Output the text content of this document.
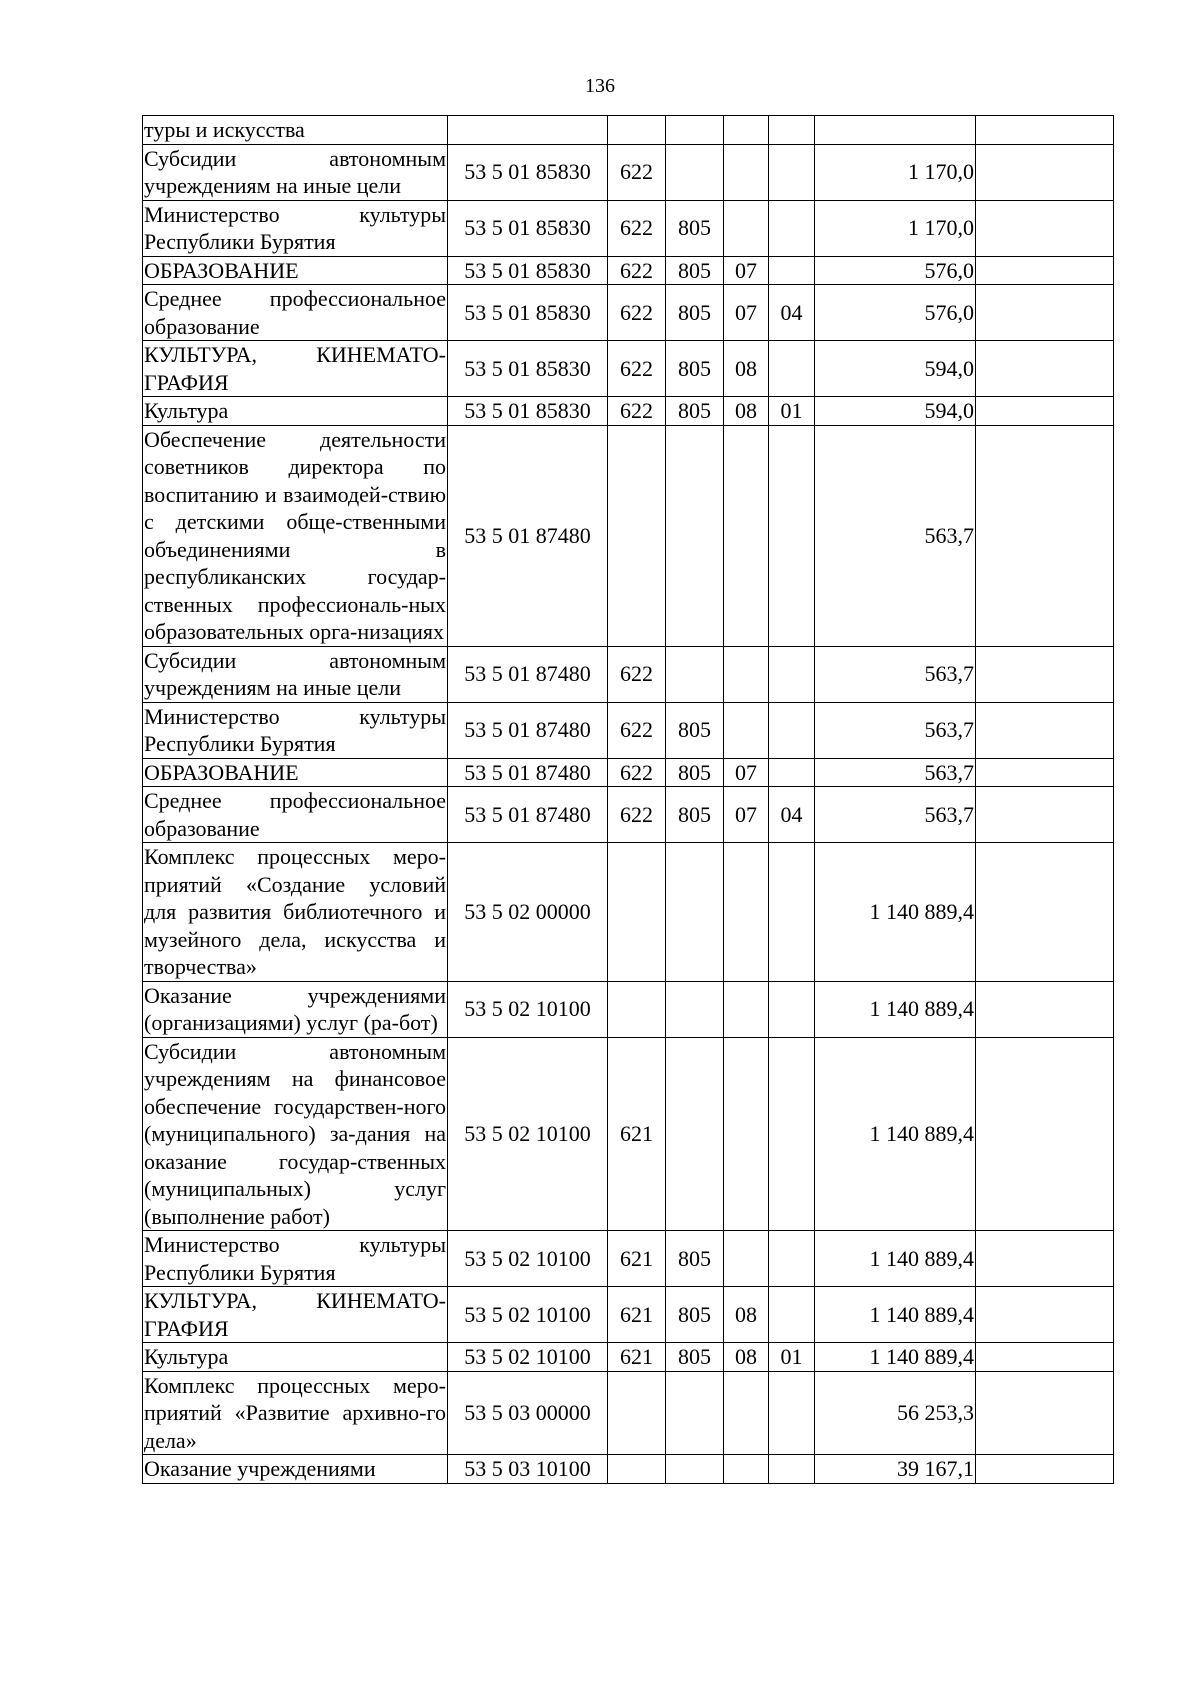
136
туры и искусства							
Субсидии автономным учреждениям на иные цели	53 5 01 85830	622				1 170,0	
Министерство культуры Республики Бурятия	53 5 01 85830	622	805			1 170,0	
ОБРАЗОВАНИЕ	53 5 01 85830	622	805	07		576,0	
Среднее профессиональное образование	53 5 01 85830	622	805	07	04	576,0	
КУЛЬТУРА, КИНЕМАТО-ГРАФИЯ	53 5 01 85830	622	805	08		594,0	
Культура	53 5 01 85830	622	805	08	01	594,0	
Обеспечение деятельности советников директора по воспитанию и взаимодей-ствию с детскими обще-ственными объединениями в республиканских государ-ственных профессиональ-ных образовательных орга-низациях	53 5 01 87480					563,7	
Субсидии автономным учреждениям на иные цели	53 5 01 87480	622				563,7	
Министерство культуры Республики Бурятия	53 5 01 87480	622	805			563,7	
ОБРАЗОВАНИЕ	53 5 01 87480	622	805	07		563,7	
Среднее профессиональное образование	53 5 01 87480	622	805	07	04	563,7	
Комплекс процессных меро-приятий «Создание условий для развития библиотечного и музейного дела, искусства и творчества»	53 5 02 00000					1 140 889,4	
Оказание учреждениями (организациями) услуг (ра-бот)	53 5 02 10100					1 140 889,4	
Субсидии автономным учреждениям на финансовое обеспечение государствен-ного (муниципального) за-дания на оказание государ-ственных (муниципальных) услуг (выполнение работ)	53 5 02 10100	621				1 140 889,4	
Министерство культуры Республики Бурятия	53 5 02 10100	621	805			1 140 889,4	
КУЛЬТУРА, КИНЕМАТО-ГРАФИЯ	53 5 02 10100	621	805	08		1 140 889,4	
Культура	53 5 02 10100	621	805	08	01	1 140 889,4	
Комплекс процессных меро-приятий «Развитие архивно-го дела»	53 5 03 00000					56 253,3	
Оказание учреждениями	53 5 03 10100					39 167,1	
